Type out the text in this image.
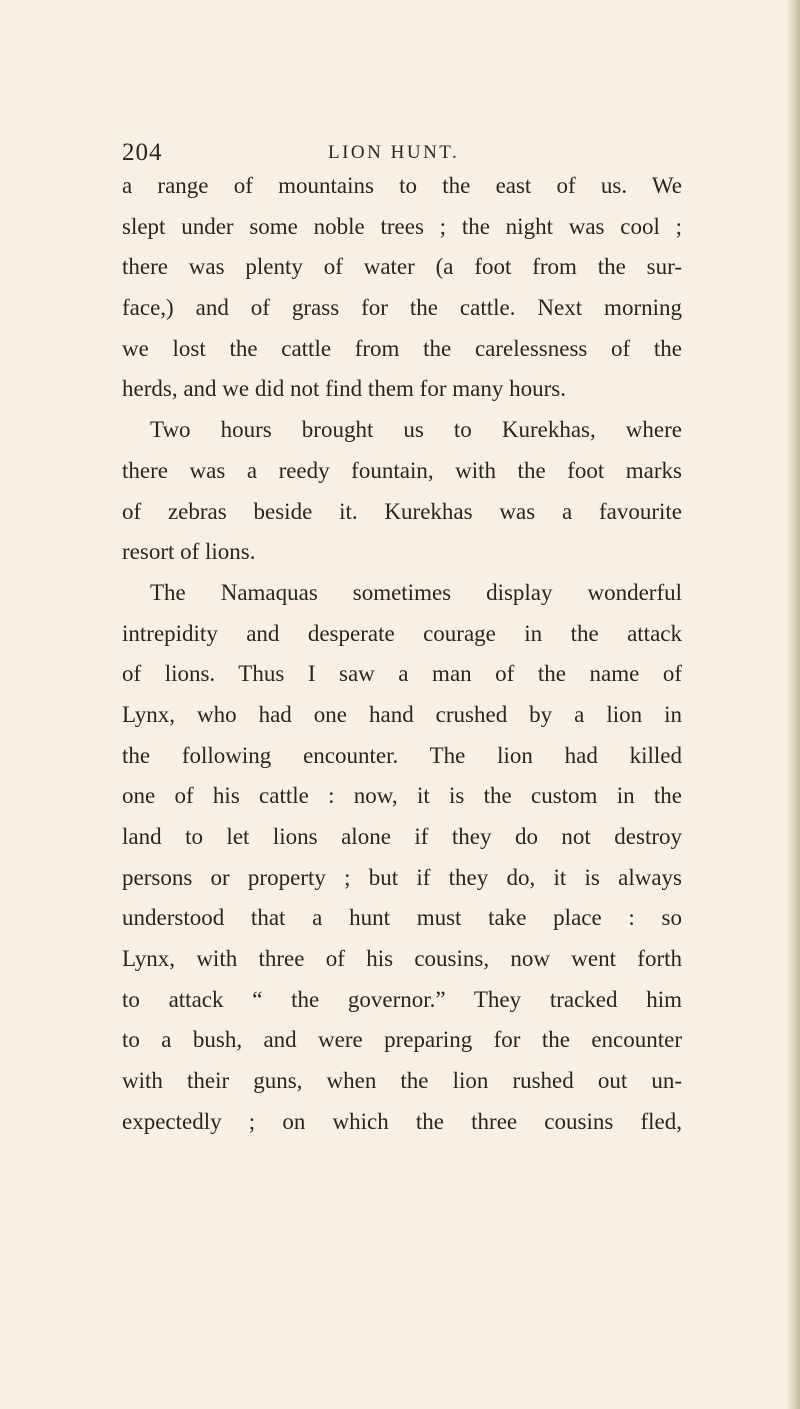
204	LION HUNT.
a range of mountains to the east of us. We
slept under some noble trees ; the night was cool ;
there was plenty of water (a foot from the sur-
face,) and of grass for the cattle. Next morning
we lost the cattle from the carelessness of the
herds, and we did not find them for many hours.
Two hours brought us to Kurekhas, where
there was a reedy fountain, with the foot marks
of zebras beside it. Kurekhas was a favourite
resort of lions.
The Namaquas sometimes display wonderful
intrepidity and desperate courage in the attack
of lions. Thus I saw a man of the name of
Lynx, who had one hand crushed by a lion in
the following encounter. The lion had killed
one of his cattle : now, it is the custom in the
land to let lions alone if they do not destroy
persons or property ; but if they do, it is always
understood that a hunt must take place : so
Lynx, with three of his cousins, now went forth
to attack “ the governor.” They tracked him
to a bush, and were preparing for the encounter
with their guns, when the lion rushed out un-
expectedly ; on which the three cousins fled,
